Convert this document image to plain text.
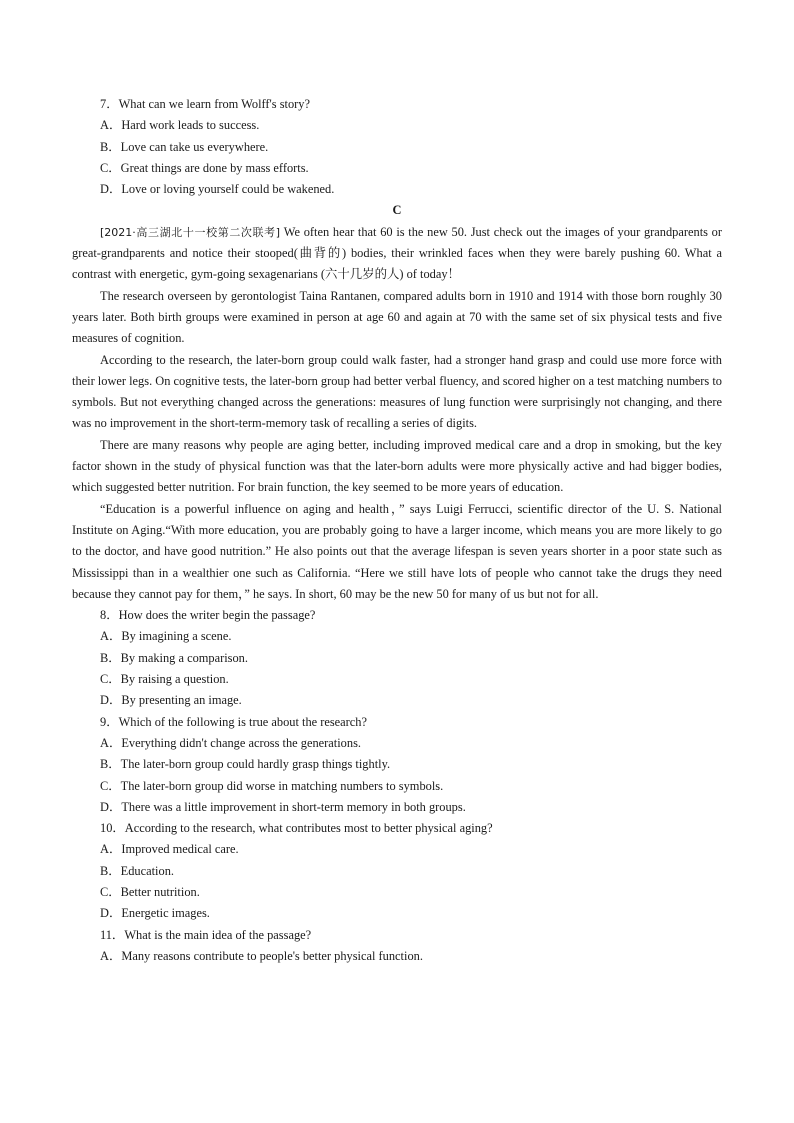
7．What can we learn from Wolff's story?

A．Hard work leads to success.

B．Love can take us everywhere.

C．Great things are done by mass efforts.

D．Love or loving yourself could be wakened.

C

[2021·高三湖北十一校第二次联考] We often hear that 60 is the new 50. Just check out the images of your grandparents or great-grandparents and notice their stooped(曲背的) bodies, their wrinkled faces when they were barely pushing 60. What a contrast with energetic, gym-going sexagenarians (六十几岁的人) of today！

The research overseen by gerontologist Taina Rantanen, compared adults born in 1910 and 1914 with those born roughly 30 years later. Both birth groups were examined in person at age 60 and again at 70 with the same set of six physical tests and five measures of cognition.

According to the research, the later-born group could walk faster, had a stronger hand grasp and could use more force with their lower legs. On cognitive tests, the later-born group had better verbal fluency, and scored higher on a test matching numbers to symbols. But not everything changed across the generations: measures of lung function were surprisingly not changing, and there was no improvement in the short-term-memory task of recalling a series of digits.

There are many reasons why people are aging better, including improved medical care and a drop in smoking, but the key factor shown in the study of physical function was that the later-born adults were more physically active and had bigger bodies, which suggested better nutrition. For brain function, the key seemed to be more years of education.

“Education is a powerful influence on aging and health，” says Luigi Ferrucci, scientific director of the U. S. National Institute on Aging.“With more education, you are probably going to have a larger income, which means you are more likely to go to the doctor, and have good nutrition.” He also points out that the average lifespan is seven years shorter in a poor state such as Mississippi than in a wealthier one such as California. “Here we still have lots of people who cannot take the drugs they need because they cannot pay for them，” he says. In short, 60 may be the new 50 for many of us but not for all.

8．How does the writer begin the passage?

A．By imagining a scene.

B．By making a comparison.

C．By raising a question.

D．By presenting an image.

9．Which of the following is true about the research?

A．Everything didn't change across the generations.

B．The later-born group could hardly grasp things tightly.

C．The later-born group did worse in matching numbers to symbols.

D．There was a little improvement in short-term memory in both groups.

10．According to the research, what contributes most to better physical aging?

A．Improved medical care.

B．Education.

C．Better nutrition.

D．Energetic images.

11．What is the main idea of the passage?

A．Many reasons contribute to people's better physical function.
